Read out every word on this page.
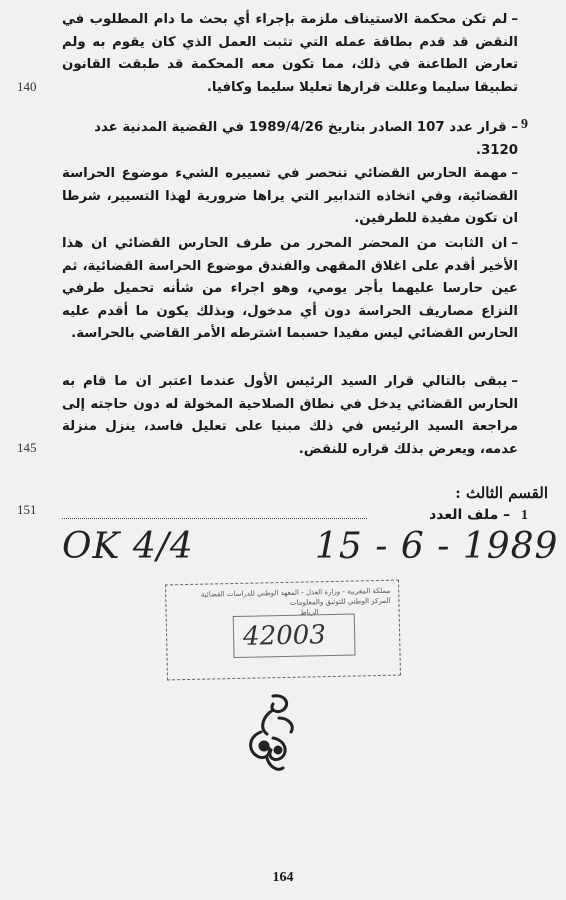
–لم تكن محكمة الاستيناف ملزمة بإجراء أي بحث ما دام المطلوب في النقض قد قدم بطاقة عمله التي تثبت العمل الذي كان يقوم به ولم تعارض الطاعنة في ذلك، مما تكون معه المحكمة قد طبقت القانون تطبيقا سليما وعللت قرارها تعليلا سليما وكافيا.
140
9
– قرار عدد 107 الصادر بتاريخ 1989/4/26 في القضية المدنية عدد 3120.
–مهمة الحارس القضائي تنحصر في تسييره الشيء موضوع الحراسة القضائية، وفي اتخاذه التدابير التي يراها ضرورية لهذا التسيير، شرطا ان تكون مفيدة للطرفين.
–ان الثابت من المحضر المحرر من طرف الحارس القضائي ان هذا الأخير أقدم على اغلاق المقهى والفندق موضوع الحراسة القضائية، ثم عين حارسا عليهما بأجر يومي، وهو اجراء من شأنه تحميل طرفي النزاع مصاريف الحراسة دون أي مدخول، وبذلك يكون ما أقدم عليه الحارس القضائي ليس مفيدا حسبما اشترطه الأمر القاضي بالحراسة.
–يبقى بالتالي قرار السيد الرئيس الأول عندما اعتبر ان ما قام به الحارس القضائي يدخل في نطاق الصلاحية المخولة له دون حاجته إلى مراجعة السيد الرئيس في ذلك مبنيا على تعليل فاسد، ينزل منزلة عدمه، ويعرض بذلك قراره للنقض.
145
القسم الثالث :
151	1 – ملف العدد
OK 4/4	15 - 6 - 1989
مملكة المغربية - وزارة العدل - المعهد الوطني للدراسات القضائية
المركز الوطني للتوثيق والمعلومات
الرباط
42003
164
